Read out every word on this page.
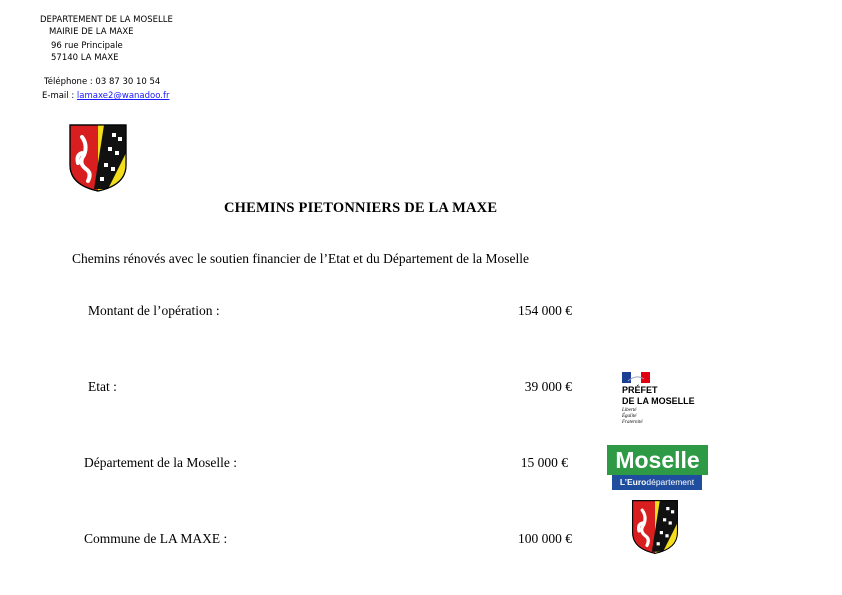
DEPARTEMENT DE LA MOSELLE
MAIRIE DE LA MAXE
96 rue Principale
57140 LA MAXE
Téléphone : 03 87 30 10 54
E-mail : lamaxe2@wanadoo.fr
CHEMINS PIETONNIERS DE LA MAXE
Chemins rénovés avec le soutien financier de l’Etat et du Département de la Moselle
Montant de l’opération :	154 000 €
Etat :	39 000 €
Département de la Moselle :	15 000 €
Commune de LA MAXE :	100 000 €
PRÉFET
DE LA MOSELLE
Liberté
Égalité
Fraternité
Moselle
L’Eurodépartement
